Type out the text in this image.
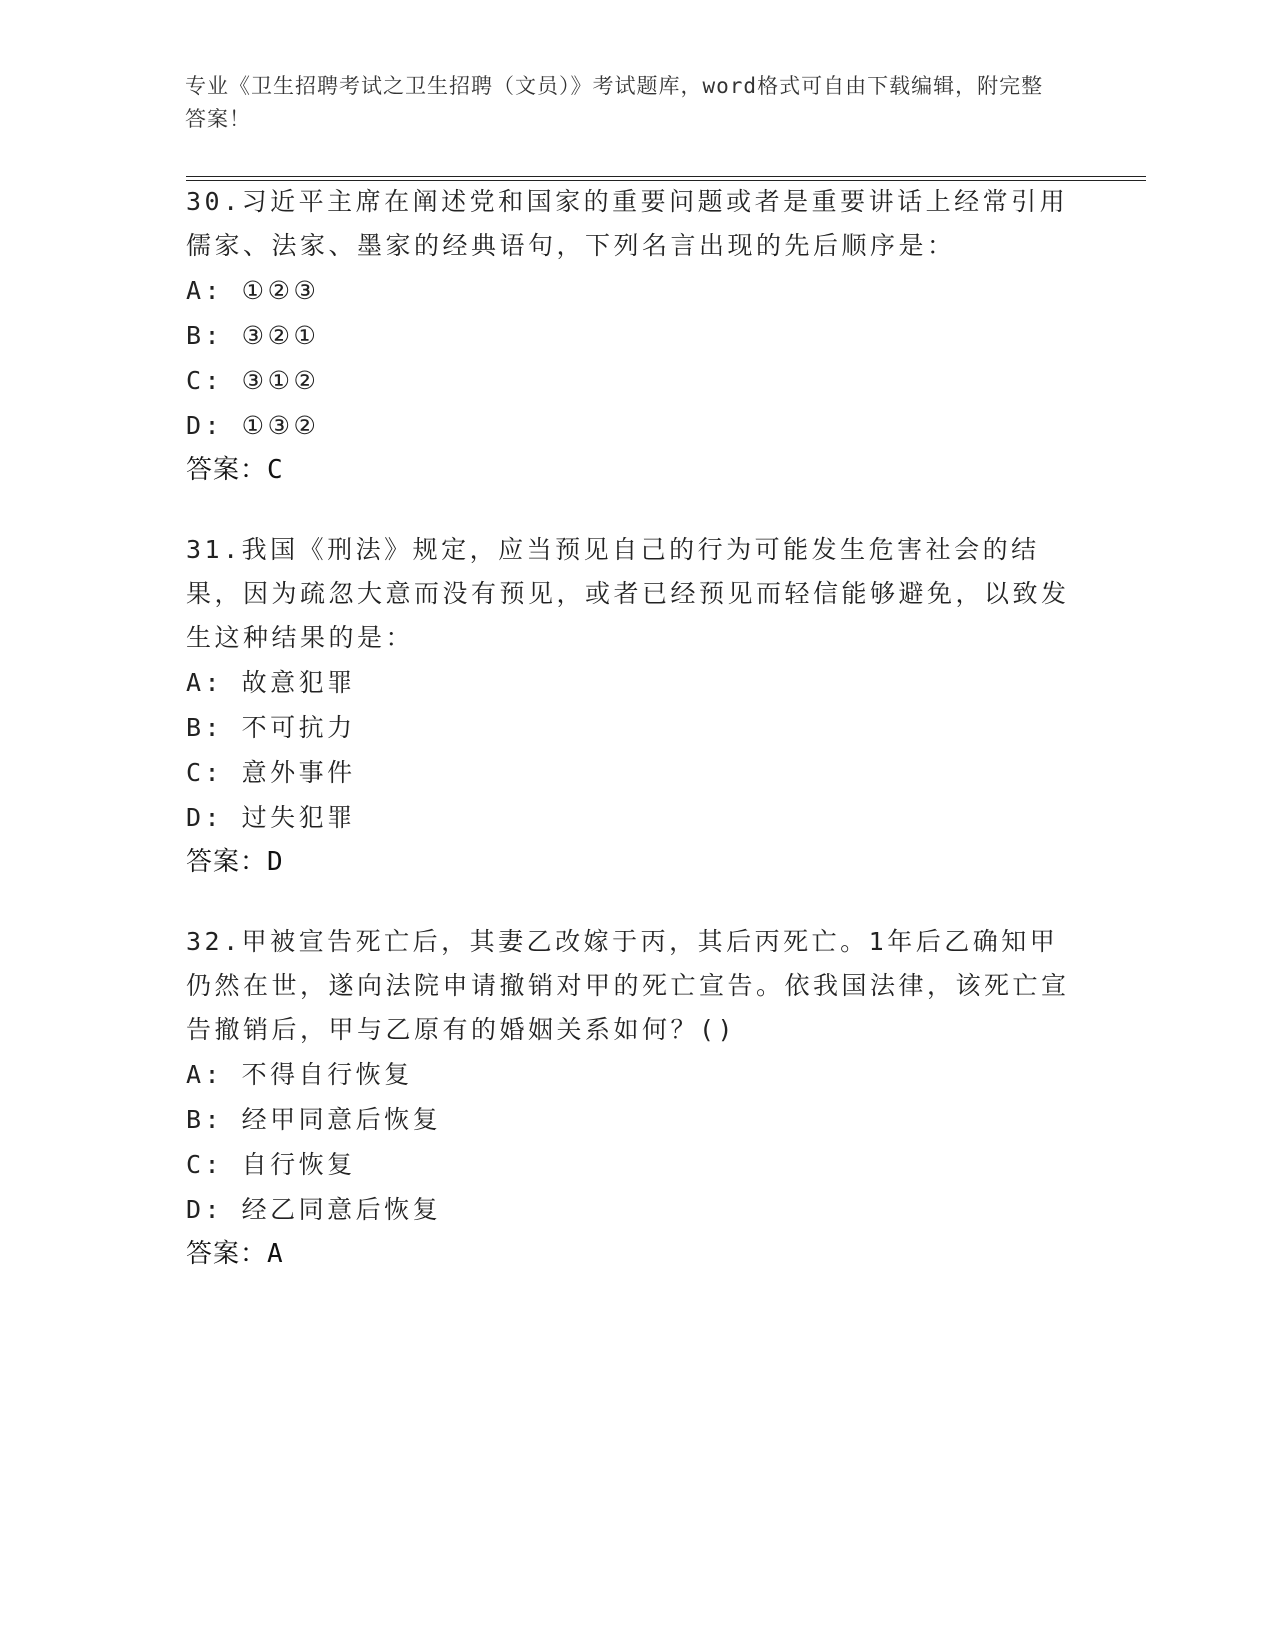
专业《卫生招聘考试之卫生招聘（文员）》考试题库，word格式可自由下载编辑，附完整答案！

30.习近平主席在阐述党和国家的重要问题或者是重要讲话上经常引用儒家、法家、墨家的经典语句，下列名言出现的先后顺序是：

A: ①②③

B: ③②①

C: ③①②

D: ①③②

答案：C

31.我国《刑法》规定，应当预见自己的行为可能发生危害社会的结果，因为疏忽大意而没有预见，或者已经预见而轻信能够避免，以致发生这种结果的是：

A: 故意犯罪

B: 不可抗力

C: 意外事件

D: 过失犯罪

答案：D

32.甲被宣告死亡后，其妻乙改嫁于丙，其后丙死亡。1年后乙确知甲仍然在世，遂向法院申请撤销对甲的死亡宣告。依我国法律，该死亡宣告撤销后，甲与乙原有的婚姻关系如何？()

A: 不得自行恢复

B: 经甲同意后恢复

C: 自行恢复

D: 经乙同意后恢复

答案：A
